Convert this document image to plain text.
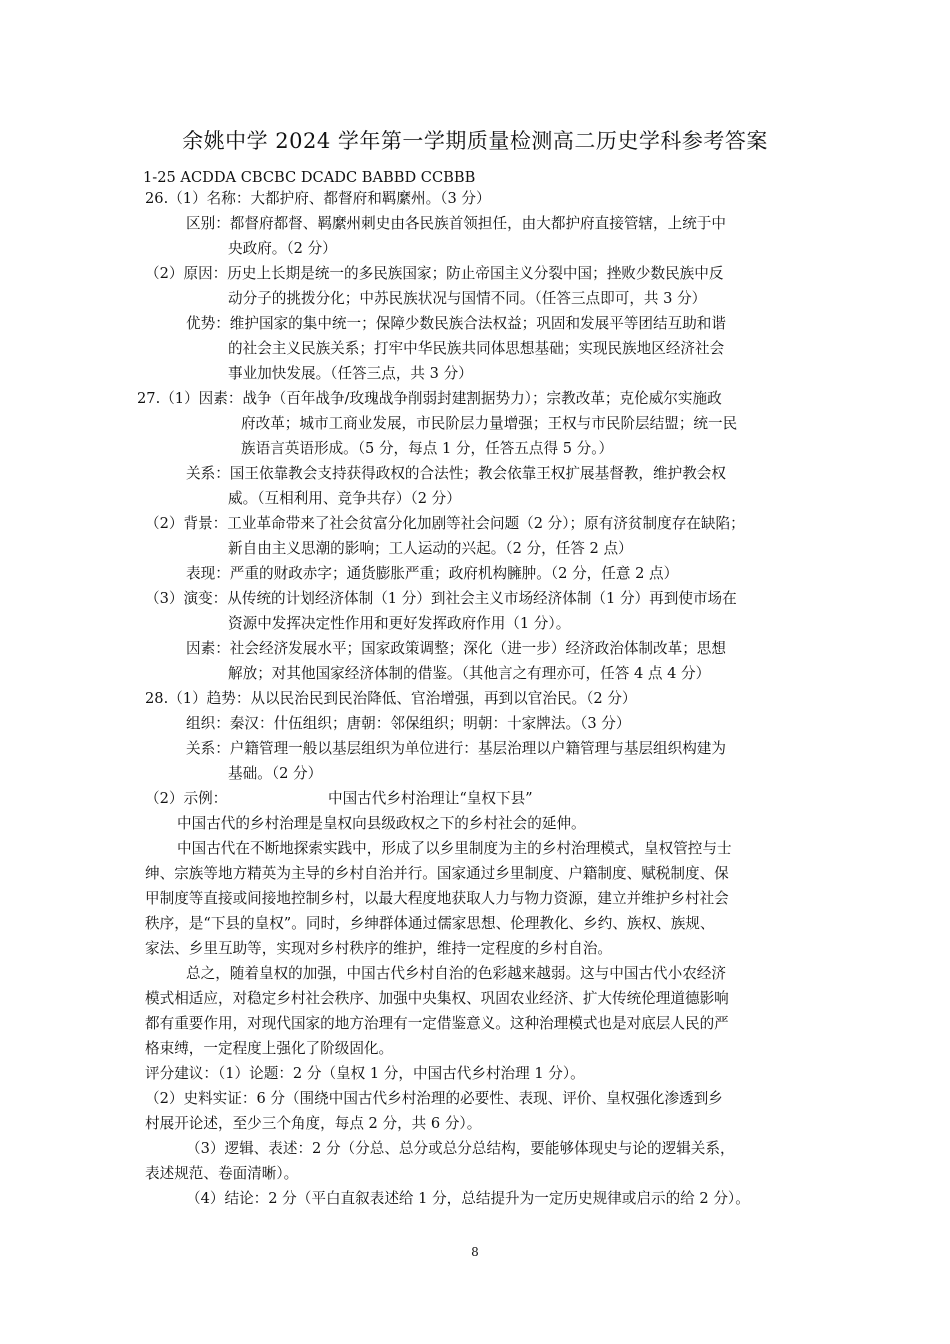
余姚中学 2024 学年第一学期质量检测高二历史学科参考答案
1-25 ACDDA CBCBC DCADC BABBD CCBBB
26.（1）名称：大都护府、都督府和羁縻州。（3 分）
区别：都督府都督、羁縻州刺史由各民族首领担任，由大都护府直接管辖，上统于中
央政府。（2 分）
（2）原因：历史上长期是统一的多民族国家；防止帝国主义分裂中国；挫败少数民族中反
动分子的挑拨分化；中苏民族状况与国情不同。（任答三点即可，共 3 分）
优势：维护国家的集中统一；保障少数民族合法权益；巩固和发展平等团结互助和谐
的社会主义民族关系；打牢中华民族共同体思想基础；实现民族地区经济社会
事业加快发展。（任答三点，共 3 分）
27.（1）因素：战争（百年战争/玫瑰战争削弱封建割据势力）；宗教改革；克伦威尔实施政
府改革；城市工商业发展，市民阶层力量增强；王权与市民阶层结盟；统一民
族语言英语形成。（5 分，每点 1 分，任答五点得 5 分。）
关系：国王依靠教会支持获得政权的合法性；教会依靠王权扩展基督教，维护教会权
威。（互相利用、竞争共存）（2 分）
（2）背景：工业革命带来了社会贫富分化加剧等社会问题（2 分）；原有济贫制度存在缺陷；
新自由主义思潮的影响；工人运动的兴起。（2 分，任答 2 点）
表现：严重的财政赤字；通货膨胀严重；政府机构臃肿。（2 分，任意 2 点）
（3）演变：从传统的计划经济体制（1 分）到社会主义市场经济体制（1 分）再到使市场在
资源中发挥决定性作用和更好发挥政府作用（1 分）。
因素：社会经济发展水平；国家政策调整；深化（进一步）经济政治体制改革；思想
解放；对其他国家经济体制的借鉴。（其他言之有理亦可，任答 4 点 4 分）
28.（1）趋势：从以民治民到民治降低、官治增强，再到以官治民。（2 分）
组织：秦汉：什伍组织；唐朝：邻保组织；明朝：十家牌法。（3 分）
关系：户籍管理一般以基层组织为单位进行：基层治理以户籍管理与基层组织构建为
基础。（2 分）
（2）示例：	中国古代乡村治理让“皇权下县”
中国古代的乡村治理是皇权向县级政权之下的乡村社会的延伸。
中国古代在不断地探索实践中，形成了以乡里制度为主的乡村治理模式，皇权管控与士
绅、宗族等地方精英为主导的乡村自治并行。国家通过乡里制度、户籍制度、赋税制度、保
甲制度等直接或间接地控制乡村，以最大程度地获取人力与物力资源，建立并维护乡村社会
秩序，是“下县的皇权”。同时，乡绅群体通过儒家思想、伦理教化、乡约、族权、族规、
家法、乡里互助等，实现对乡村秩序的维护，维持一定程度的乡村自治。
总之，随着皇权的加强，中国古代乡村自治的色彩越来越弱。这与中国古代小农经济
模式相适应，对稳定乡村社会秩序、加强中央集权、巩固农业经济、扩大传统伦理道德影响
都有重要作用，对现代国家的地方治理有一定借鉴意义。这种治理模式也是对底层人民的严
格束缚，一定程度上强化了阶级固化。
评分建议：（1）论题：2 分（皇权 1 分，中国古代乡村治理 1 分）。
（2）史料实证：6 分（围绕中国古代乡村治理的必要性、表现、评价、皇权强化渗透到乡
村展开论述，至少三个角度，每点 2 分，共 6 分）。
（3）逻辑、表述：2 分（分总、总分或总分总结构，要能够体现史与论的逻辑关系，
表述规范、卷面清晰）。
（4）结论：2 分（平白直叙表述给 1 分，总结提升为一定历史规律或启示的给 2 分）。
8
